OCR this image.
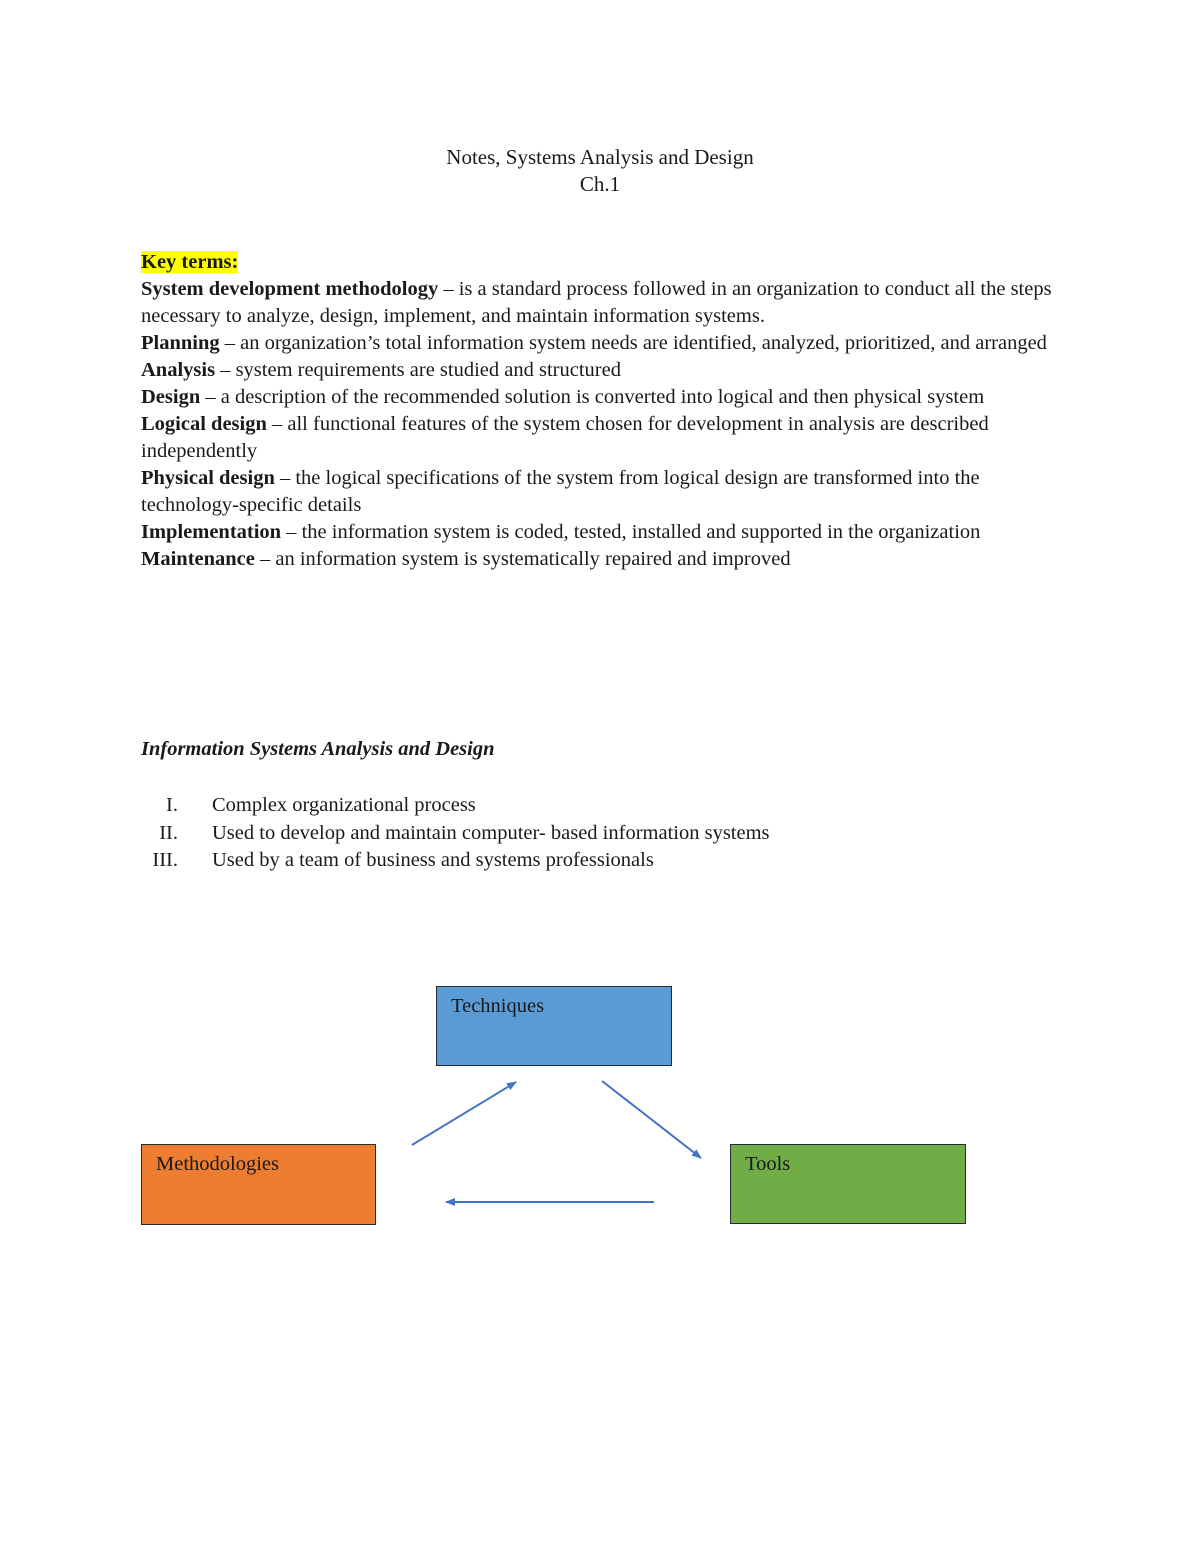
Notes, Systems Analysis and Design
Ch.1

Key terms:

System development methodology – is a standard process followed in an organization to conduct all the steps necessary to analyze, design, implement, and maintain information systems.

Planning – an organization’s total information system needs are identified, analyzed, prioritized, and arranged

Analysis – system requirements are studied and structured

Design – a description of the recommended solution is converted into logical and then physical system

Logical design – all functional features of the system chosen for development in analysis are described independently

Physical design – the logical specifications of the system from logical design are transformed into the technology-specific details

Implementation – the information system is coded, tested, installed and supported in the organization

Maintenance – an information system is systematically repaired and improved

Information Systems Analysis and Design
I. Complex organizational process
II. Used to develop and maintain computer- based information systems
III. Used by a team of business and systems professionals
Techniques
Methodologies	Tools
